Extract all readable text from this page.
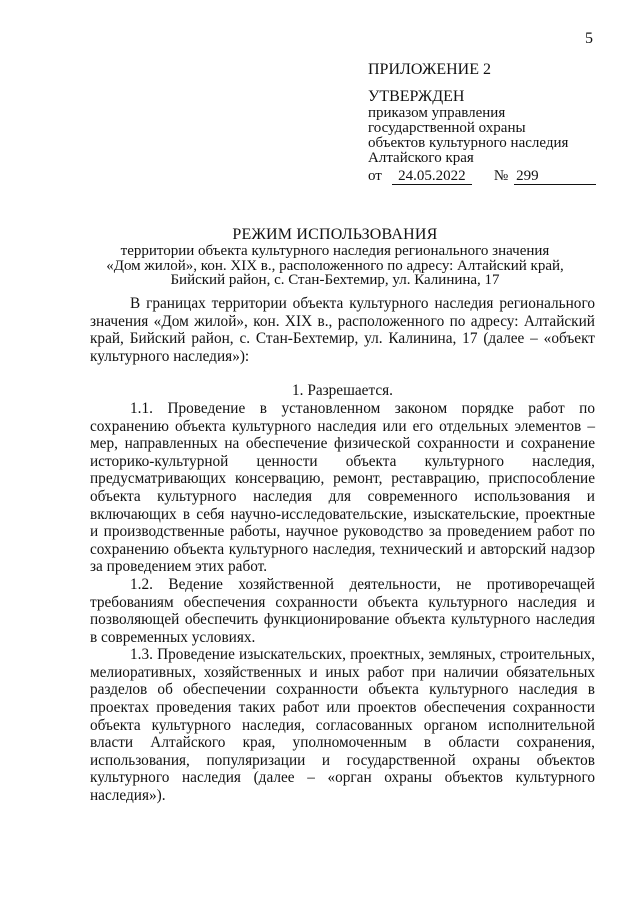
5

ПРИЛОЖЕНИЕ 2

УТВЕРЖДЕН

приказом управления

государственной охраны

объектов культурного наследия

Алтайского края

от	24.05.2022	№ 299
РЕЖИМ ИСПОЛЬЗОВАНИЯ
территории объекта культурного наследия регионального значения
«Дом жилой», кон. XIX в., расположенного по адресу: Алтайский край,
Бийский район, с. Стан-Бехтемир, ул. Калинина, 17

В границах территории объекта культурного наследия регионального значения «Дом жилой», кон. XIX в., расположенного по адресу: Алтайский край, Бийский район, с. Стан-Бехтемир, ул. Калинина, 17 (далее – «объект культурного наследия»):

1. Разрешается.

1.1. Проведение в установленном законом порядке работ по сохранению объекта культурного наследия или его отдельных элементов – мер, направленных на обеспечение физической сохранности и сохранение историко-культурной ценности объекта культурного наследия, предусматривающих консервацию, ремонт, реставрацию, приспособление объекта культурного наследия для современного использования и включающих в себя научно-исследовательские, изыскательские, проектные и производственные работы, научное руководство за проведением работ по сохранению объекта культурного наследия, технический и авторский надзор за проведением этих работ.

1.2. Ведение хозяйственной деятельности, не противоречащей требованиям обеспечения сохранности объекта культурного наследия и позволяющей обеспечить функционирование объекта культурного наследия в современных условиях.

1.3. Проведение изыскательских, проектных, земляных, строительных, мелиоративных, хозяйственных и иных работ при наличии обязательных разделов об обеспечении сохранности объекта культурного наследия в проектах проведения таких работ или проектов обеспечения сохранности объекта культурного наследия, согласованных органом исполнительной власти Алтайского края, уполномоченным в области сохранения, использования, популяризации и государственной охраны объектов культурного наследия (далее – «орган охраны объектов культурного наследия»).
